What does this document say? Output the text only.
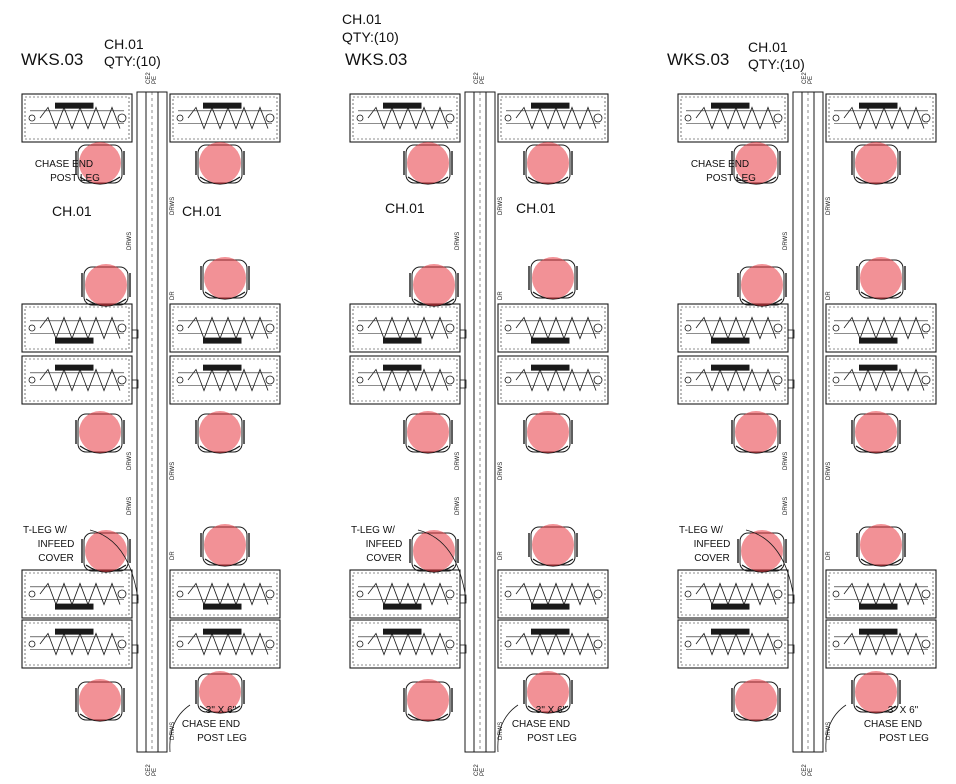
CE2 PE
CE2 PE
DRWS
DRWS
DRWS
DRWS
DRWS
DRWS
DR
DR
CE2 PE
CE2 PE
DRWS
DRWS
DRWS
DRWS
DRWS
DRWS
DR
DR
CE2 PE
CE2 PE
DRWS
DRWS
DRWS
DRWS
DRWS
DRWS
DR
DR
WKS.03
CH.01
QTY:(10)
CH.01	CH.01
CHASE END
POST LEG
T-LEG W/
INFEED
COVER
3" X 6"
CHASE END
POST LEG
CH.01
QTY:(10)
WKS.03
CH.01	CH.01
T-LEG W/
INFEED
COVER
3" X 6"
CHASE END
POST LEG
WKS.03
CH.01
QTY:(10)
CHASE END
POST LEG
T-LEG W/
INFEED
COVER
3" X 6"
CHASE END
POST LEG
